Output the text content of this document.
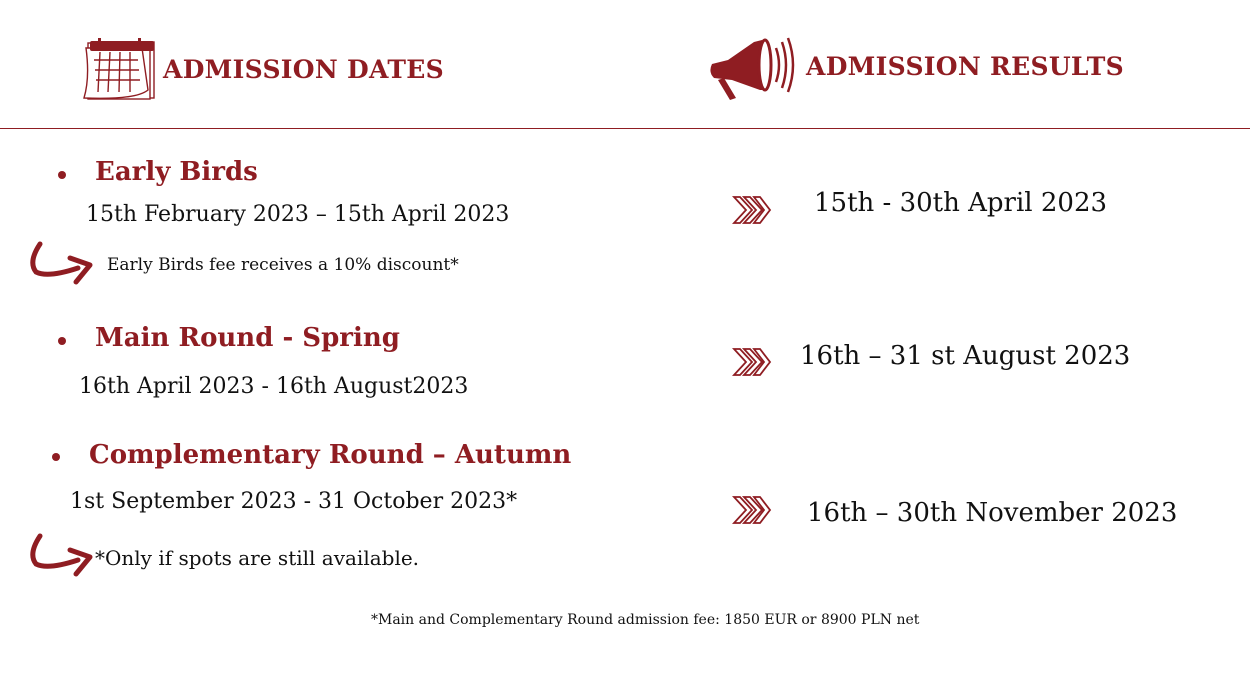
ADMISSION DATES	ADMISSION RESULTS
Early Birds
15th February 2023 – 15th April 2023
Early Birds fee receives a 10% discount*
15th - 30th April 2023
Main Round - Spring
16th April 2023 - 16th August2023
16th – 31 st August 2023
Complementary Round – Autumn
1st September 2023 - 31 October 2023*
*Only if spots are still available.
16th – 30th November 2023
*Main and Complementary Round admission fee: 1850 EUR or 8900 PLN net
